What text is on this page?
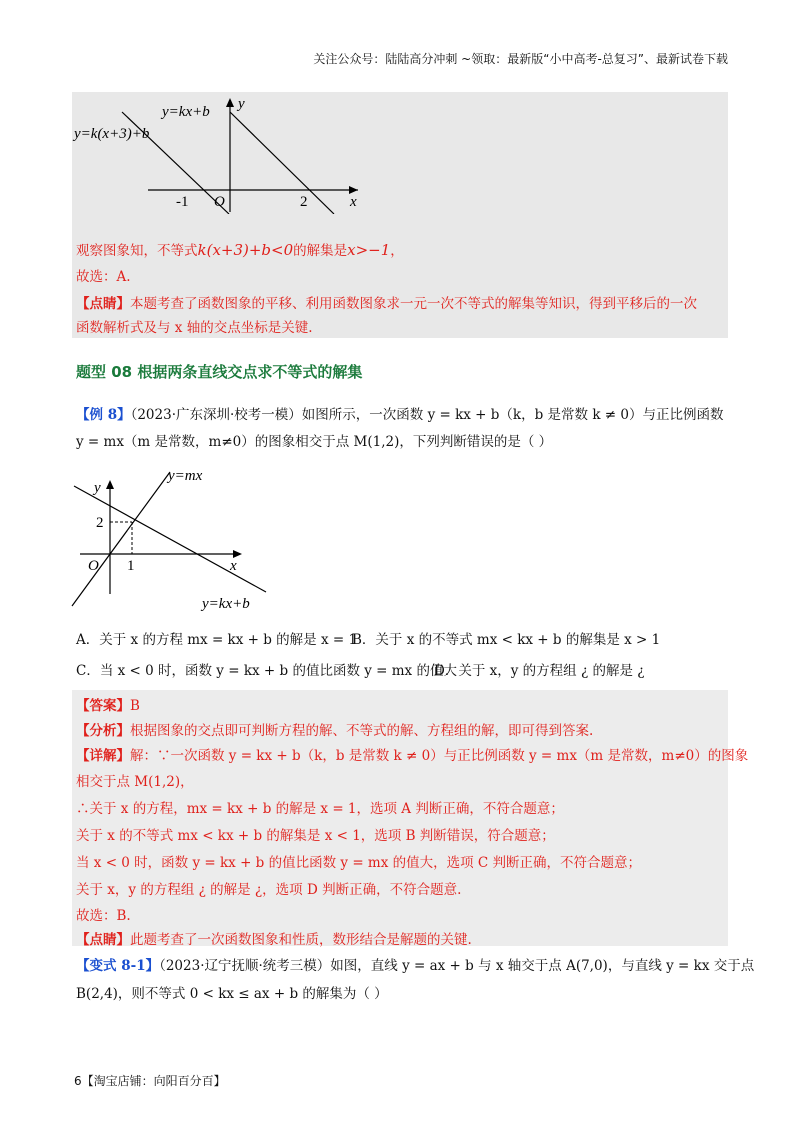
关注公众号：陆陆高分冲刺 ~领取：最新版“小中高考-总复习”、最新试卷下载
y=kx+b
y=k(x+3)+b
y
x
-1 O	2
观察图象知，不等式k(x+3)+b<0的解集是x>−1，
故选：A.
【点睛】本题考查了函数图象的平移、利用函数图象求一元一次不等式的解集等知识，得到平移后的一次
函数解析式及与 x 轴的交点坐标是关键.
题型 08 根据两条直线交点求不等式的解集
【例 8】（2023·广东深圳·校考一模）如图所示，一次函数 y = kx + b（k，b 是常数 k ≠ 0）与正比例函数
y = mx（m 是常数，m≠0）的图象相交于点 M(1,2)，下列判断错误的是（ ）
y=mx
y=kx+b
y
x
O 1
2
A．关于 x 的方程 mx = kx + b 的解是 x = 1
B．关于 x 的不等式 mx < kx + b 的解集是 x > 1
C．当 x < 0 时，函数 y = kx + b 的值比函数 y = mx 的值大
D．关于 x，y 的方程组 ¿ 的解是 ¿
【答案】B
【分析】根据图象的交点即可判断方程的解、不等式的解、方程组的解，即可得到答案.
【详解】解：∵一次函数 y = kx + b（k，b 是常数 k ≠ 0）与正比例函数 y = mx（m 是常数，m≠0）的图象
相交于点 M(1,2)，
∴关于 x 的方程，mx = kx + b 的解是 x = 1，选项 A 判断正确，不符合题意；
关于 x 的不等式 mx < kx + b 的解集是 x < 1，选项 B 判断错误，符合题意；
当 x < 0 时，函数 y = kx + b 的值比函数 y = mx 的值大，选项 C 判断正确，不符合题意；
关于 x，y 的方程组 ¿ 的解是 ¿，选项 D 判断正确，不符合题意.
故选：B.
【点睛】此题考查了一次函数图象和性质，数形结合是解题的关键.
【变式 8-1】（2023·辽宁抚顺·统考三模）如图，直线 y = ax + b 与 x 轴交于点 A(7,0)，与直线 y = kx 交于点
B(2,4)，则不等式 0 < kx ≤ ax + b 的解集为（ ）
6【淘宝店铺：向阳百分百】
